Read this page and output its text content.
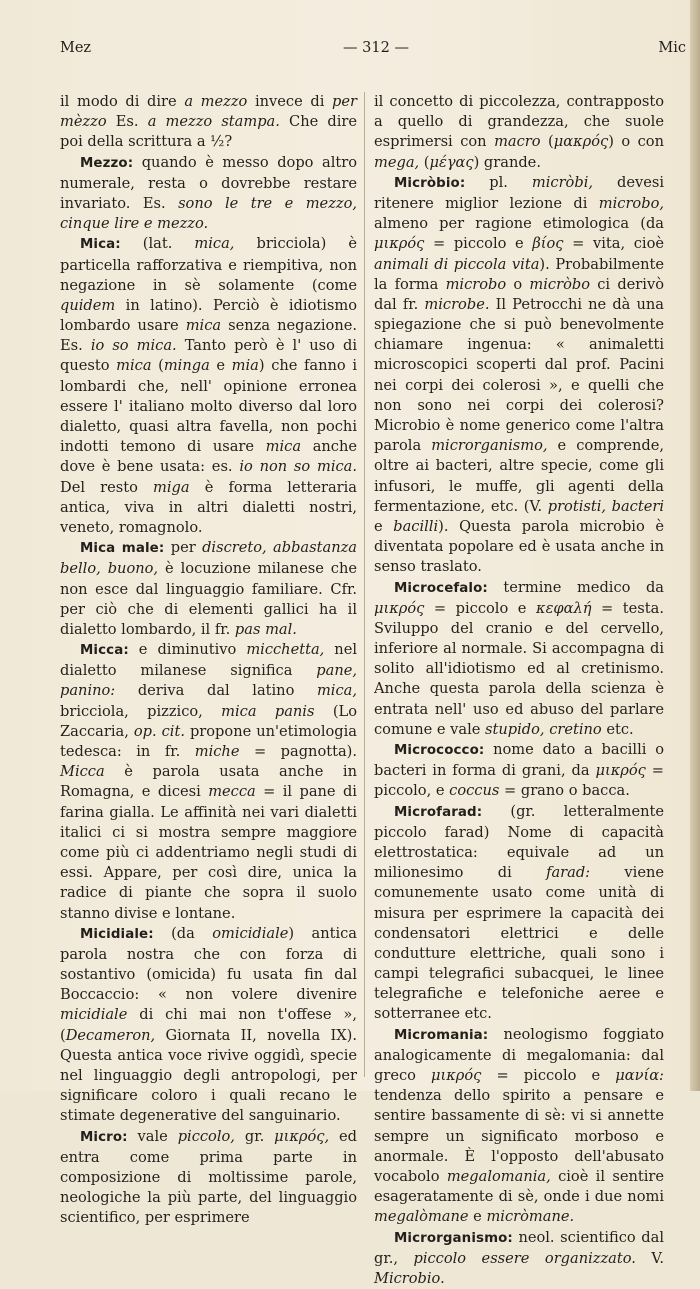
Mez	— 312 —	Mic

il modo di dire a mezzo invece di per mèzzo Es. a mezzo stampa. Che dire poi della scrittura a ½?

Mezzo: quando è messo dopo altro numerale, resta o dovrebbe restare invariato. Es. sono le tre e mezzo, cinque lire e mezzo.

Mica: (lat. mica, bricciola) è particella rafforzativa e riempitiva, non negazione in sè solamente (come quidem in latino). Perciò è idiotismo lombardo usare mica senza negazione. Es. io so mica. Tanto però è l' uso di questo mica (minga e mia) che fanno i lombardi che, nell' opinione erronea essere l' italiano molto diverso dal loro dialetto, quasi altra favella, non pochi indotti temono di usare mica anche dove è bene usata: es. io non so mica. Del resto miga è forma letteraria antica, viva in altri dialetti nostri, veneto, romagnolo.

Mica male: per discreto, abbastanza bello, buono, è locuzione milanese che non esce dal linguaggio familiare. Cfr. per ciò che di elementi gallici ha il dialetto lombardo, il fr. pas mal.

Micca: e diminutivo micchetta, nel dialetto milanese significa pane, panino: deriva dal latino mica, bricciola, pizzico, mica panis (Lo Zaccaria, op. cit. propone un'etimologia tedesca: in fr. miche = pagnotta). Micca è parola usata anche in Romagna, e dicesi mecca = il pane di farina gialla. Le affinità nei vari dialetti italici ci si mostra sempre maggiore come più ci addentriamo negli studi di essi. Appare, per così dire, unica la radice di piante che sopra il suolo stanno divise e lontane.

Micidiale: (da omicidiale) antica parola nostra che con forza di sostantivo (omicida) fu usata fin dal Boccaccio: « non volere divenire micidiale di chi mai non t'offese », (Decameron, Giornata II, novella IX). Questa antica voce rivive oggidì, specie nel linguaggio degli antropologi, per significare coloro i quali recano le stimate degenerative del sanguinario.

Micro: vale piccolo, gr. μικρός, ed entra come prima parte in composizione di moltissime parole, neologiche la più parte, del linguaggio scientifico, per esprimere

il concetto di piccolezza, contrapposto a quello di grandezza, che suole esprimersi con macro (μακρός) o con mega, (μέγας) grande.

Micròbio: pl. micròbi, devesi ritenere miglior lezione di microbo, almeno per ragione etimologica (da μικρός = piccolo e βίος = vita, cioè animali di piccola vita). Probabilmente la forma microbo o micròbo ci derivò dal fr. microbe. Il Petrocchi ne dà una spiegazione che si può benevolmente chiamare ingenua: « animaletti microscopici scoperti dal prof. Pacini nei corpi dei colerosi », e quelli che non sono nei corpi dei colerosi? Microbio è nome generico come l'altra parola microrganismo, e comprende, oltre ai bacteri, altre specie, come gli infusori, le muffe, gli agenti della fermentazione, etc. (V. protisti, bacteri e bacilli). Questa parola microbio è diventata popolare ed è usata anche in senso traslato.

Microcefalo: termine medico da μικρός = piccolo e κεφαλή = testa. Sviluppo del cranio e del cervello, inferiore al normale. Si accompagna di solito all'idiotismo ed al cretinismo. Anche questa parola della scienza è entrata nell' uso ed abuso del parlare comune e vale stupido, cretino etc.

Micrococco: nome dato a bacilli o bacteri in forma di grani, da μικρός = piccolo, e coccus = grano o bacca.

Microfarad: (gr. letteralmente piccolo farad) Nome di capacità elettrostatica: equivale ad un milionesimo di farad: viene comunemente usato come unità di misura per esprimere la capacità dei condensatori elettrici e delle condutture elettriche, quali sono i campi telegrafici subacquei, le linee telegrafiche e telefoniche aeree e sotterranee etc.

Micromania: neologismo foggiato analogicamente di megalomania: dal greco μικρός = piccolo e μανία: tendenza dello spirito a pensare e sentire bassamente di sè: vi si annette sempre un significato morboso e anormale. È l'opposto dell'abusato vocabolo megalomania, cioè il sentire esageratamente di sè, onde i due nomi megalòmane e micròmane.

Microrganismo: neol. scientifico dal gr., piccolo essere organizzato. V. Microbio.
